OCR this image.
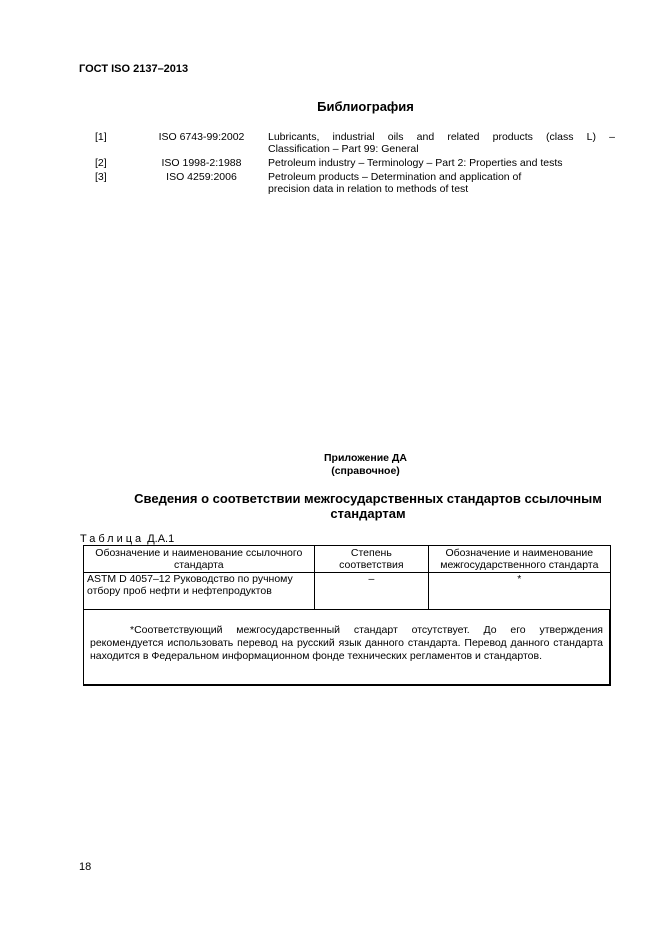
ГОСТ ISO 2137–2013
Библиография
[1]	ISO 6743-99:2002	Lubricants, industrial oils and related products (class L) –
Classification – Part 99: General
[2]	ISO 1998-2:1988	Petroleum industry – Terminology – Part 2: Properties and tests
[3]	ISO 4259:2006	Petroleum products – Determination and application of
precision data in relation to methods of test
Приложение ДА
(справочное)
Сведения о соответствии межгосударственных стандартов ссылочным стандартам
Таблица Д.А.1
Обозначение и наименование ссылочного стандарта	Степень соответствия	Обозначение и наименование межгосударственного стандарта
ASTM D 4057–12 Руководство по ручному отбору проб нефти и нефтепродуктов	–	*

*Соответствующий межгосударственный стандарт отсутствует. До его утверждения рекомендуется использовать перевод на русский язык данного стандарта. Перевод данного стандарта находится в Федеральном информационном фонде технических регламентов и стандартов.		
18
